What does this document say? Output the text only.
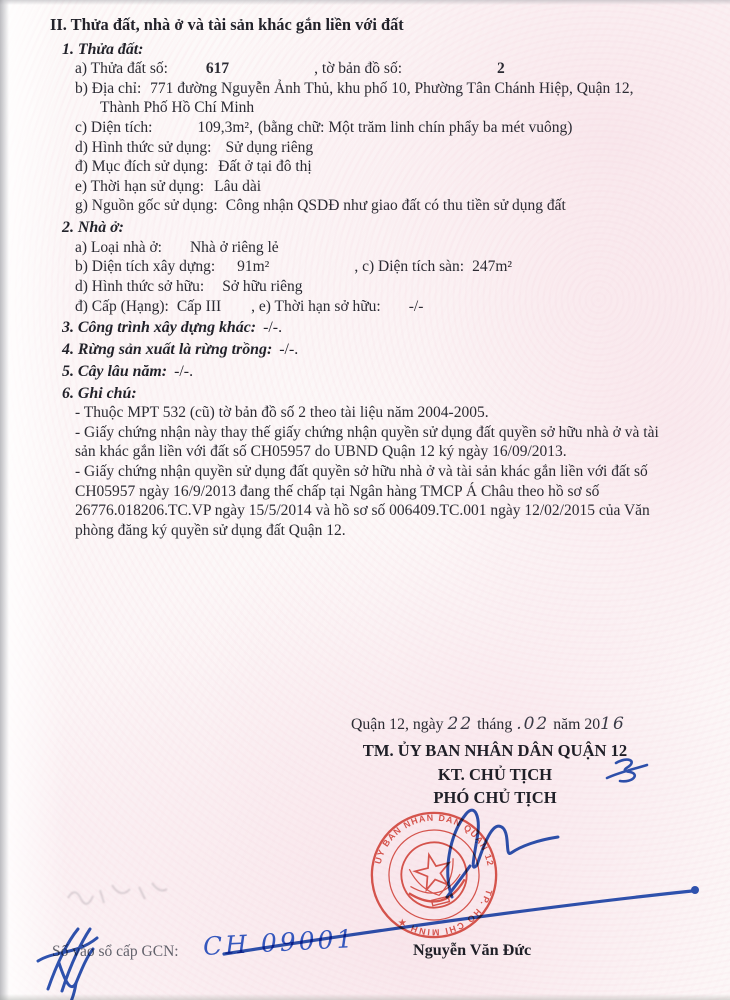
II. Thửa đất, nhà ở và tài sản khác gắn liền với đất
1. Thửa đất:
a) Thửa đất số: 617	, tờ bản đồ số:	2
b) Địa chỉ: 771 đường Nguyễn Ảnh Thủ, khu phố 10, Phường Tân Chánh Hiệp, Quận 12, Thành Phố Hồ Chí Minh
c) Diện tích:	109,3m², (bằng chữ: Một trăm linh chín phẩy ba mét vuông)
d) Hình thức sử dụng: Sử dụng riêng
đ) Mục đích sử dụng: Đất ở tại đô thị
e) Thời hạn sử dụng: Lâu dài
g) Nguồn gốc sử dụng: Công nhận QSDĐ như giao đất có thu tiền sử dụng đất
2. Nhà ở:
a) Loại nhà ở: Nhà ở riêng lẻ
b) Diện tích xây dựng: 91m²	, c) Diện tích sàn: 247m²
d) Hình thức sở hữu: Sở hữu riêng
đ) Cấp (Hạng): Cấp III , e) Thời hạn sở hữu: -/-
3. Công trình xây dựng khác: -/-.
4. Rừng sản xuất là rừng trồng: -/-.
5. Cây lâu năm: -/-.
6. Ghi chú:
- Thuộc MPT 532 (cũ) tờ bản đồ số 2 theo tài liệu năm 2004-2005.
- Giấy chứng nhận này thay thế giấy chứng nhận quyền sử dụng đất quyền sở hữu nhà ở và tài sản khác gắn liền với đất số CH05957 do UBND Quận 12 ký ngày 16/09/2013.
- Giấy chứng nhận quyền sử dụng đất quyền sở hữu nhà ở và tài sản khác gắn liền với đất số CH05957 ngày 16/9/2013 đang thế chấp tại Ngân hàng TMCP Á Châu theo hồ sơ số 26776.018206.TC.VP ngày 15/5/2014 và hồ sơ số 006409.TC.001 ngày 12/02/2015 của Văn phòng đăng ký quyền sử dụng đất Quận 12.
Quận 12, ngày 22 tháng .02 năm 2016
TM. ỦY BAN NHÂN DÂN QUẬN 12
KT. CHỦ TỊCH
PHÓ CHỦ TỊCH
Nguyễn Văn Đức
Số vào sổ cấp GCN: CH 09001
ỦY BAN NHÂN DÂN QUẬN 12
TP. HỒ CHÍ MINH ★
